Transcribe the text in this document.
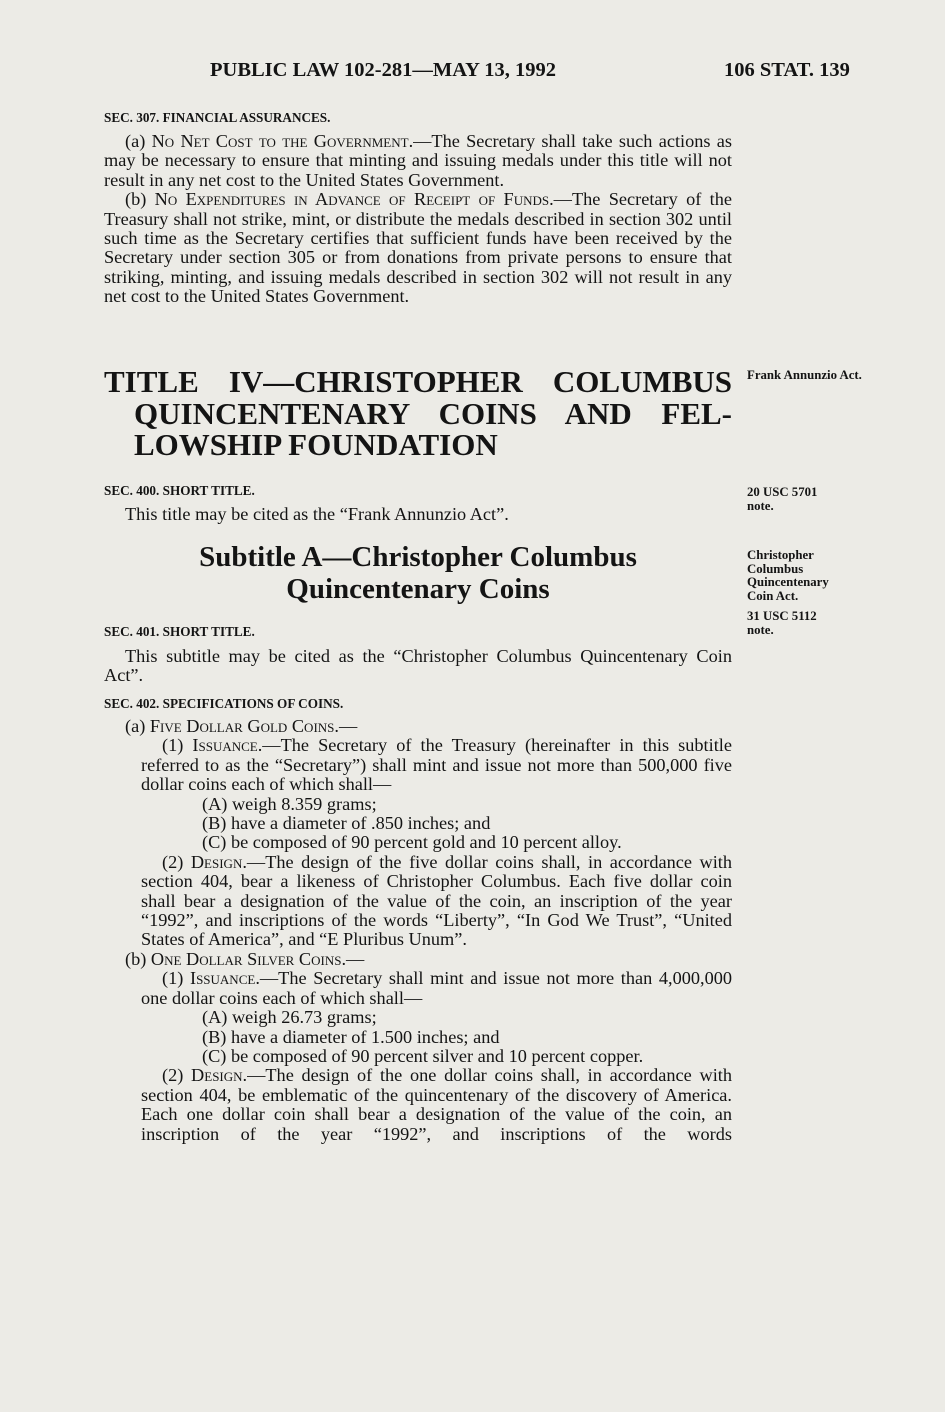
PUBLIC LAW 102-281—MAY 13, 1992	106 STAT. 139
SEC. 307. FINANCIAL ASSURANCES.

(a) No Net Cost to the Government.—The Secretary shall take such actions as may be necessary to ensure that minting and issuing medals under this title will not result in any net cost to the United States Government.

(b) No Expenditures in Advance of Receipt of Funds.—The Secretary of the Treasury shall not strike, mint, or distribute the medals described in section 302 until such time as the Secretary certifies that sufficient funds have been received by the Secretary under section 305 or from donations from private persons to ensure that striking, minting, and issuing medals described in section 302 will not result in any net cost to the United States Government.

TITLE IV—CHRISTOPHER COLUMBUS
QUINCENTENARY COINS AND FEL-
LOWSHIP FOUNDATION
SEC. 400. SHORT TITLE.

This title may be cited as the “Frank Annunzio Act”.

Subtitle A—Christopher Columbus
Quincentenary Coins
SEC. 401. SHORT TITLE.

This subtitle may be cited as the “Christopher Columbus Quincentenary Coin Act”.

SEC. 402. SPECIFICATIONS OF COINS.

(a) Five Dollar Gold Coins.—

(1) Issuance.—The Secretary of the Treasury (hereinafter in this subtitle referred to as the “Secretary”) shall mint and issue not more than 500,000 five dollar coins each of which shall—

(A) weigh 8.359 grams;

(B) have a diameter of .850 inches; and

(C) be composed of 90 percent gold and 10 percent alloy.

(2) Design.—The design of the five dollar coins shall, in accordance with section 404, bear a likeness of Christopher Columbus. Each five dollar coin shall bear a designation of the value of the coin, an inscription of the year “1992”, and inscriptions of the words “Liberty”, “In God We Trust”, “United States of America”, and “E Pluribus Unum”.

(b) One Dollar Silver Coins.—

(1) Issuance.—The Secretary shall mint and issue not more than 4,000,000 one dollar coins each of which shall—

(A) weigh 26.73 grams;

(B) have a diameter of 1.500 inches; and

(C) be composed of 90 percent silver and 10 percent copper.

(2) Design.—The design of the one dollar coins shall, in accordance with section 404, be emblematic of the quincentenary of the discovery of America. Each one dollar coin shall bear a designation of the value of the coin, an inscription of the year “1992”, and inscriptions of the words

Frank Annunzio Act.
20 USC 5701
note.
Christopher Columbus Quincentenary Coin Act.
31 USC 5112
note.
